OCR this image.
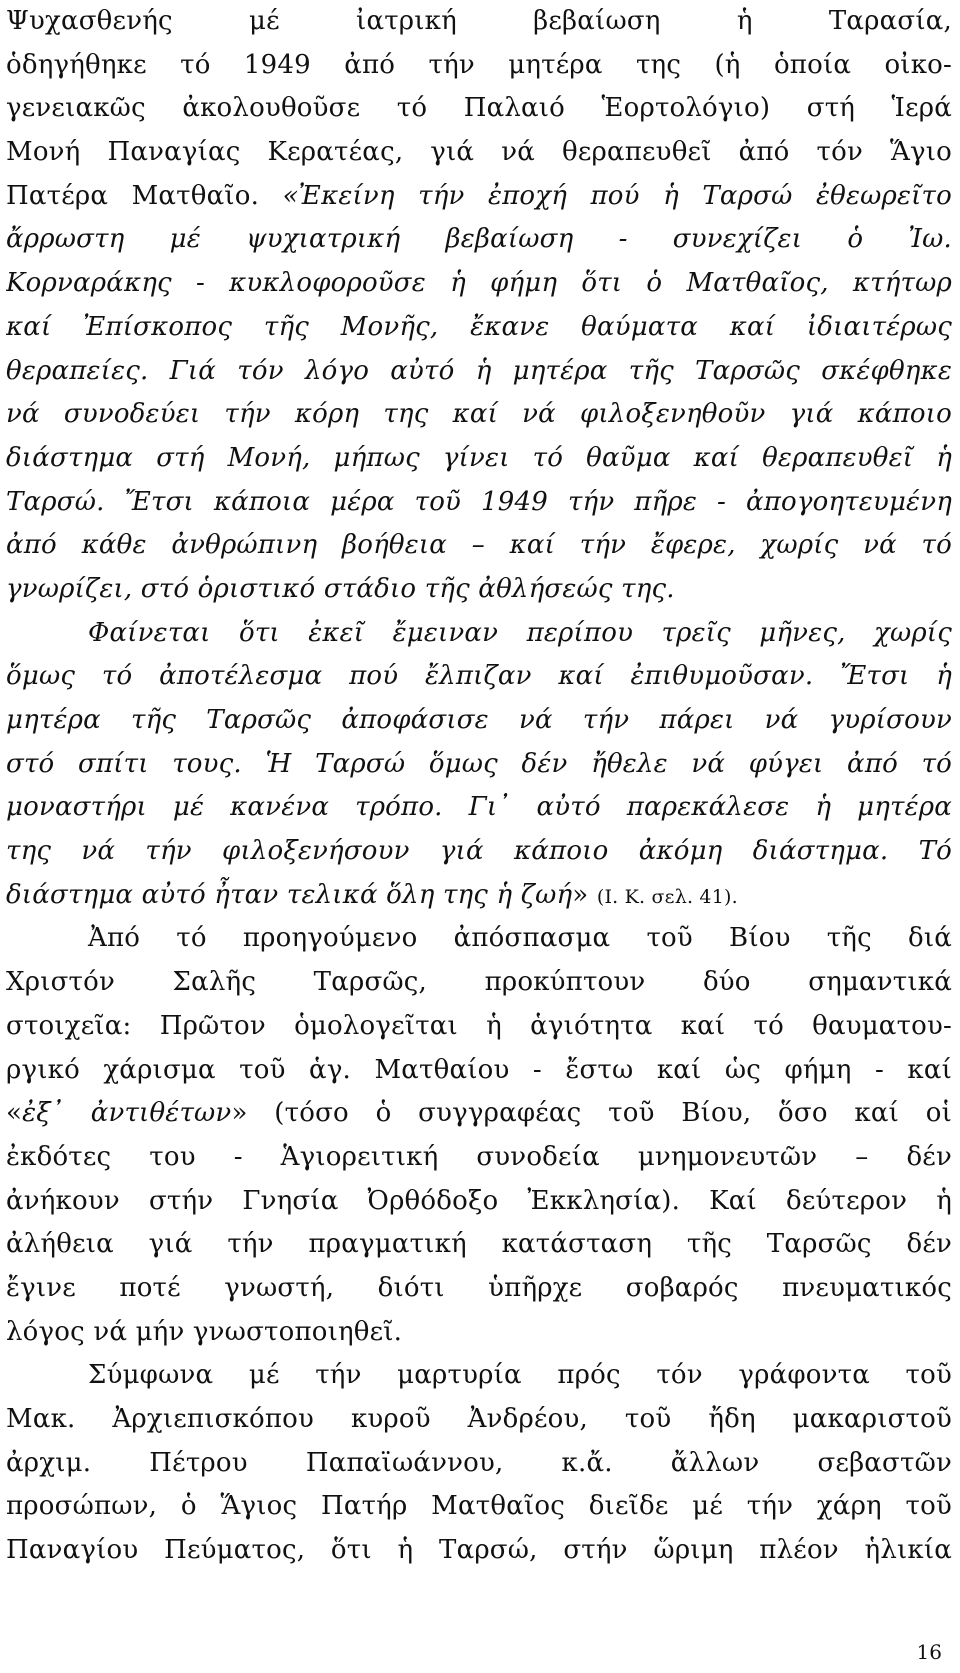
Ψυχασθενής μέ ἰατρική βεβαίωση ἡ Ταρασία,
ὁδηγήθηκε τό 1949 ἀπό τήν μητέρα της (ἡ ὁποία οἰκο-
γενειακῶς ἀκολουθοῦσε τό Παλαιό Ἑορτολόγιο) στή Ἱερά
Μονή Παναγίας Κερατέας, γιά νά θεραπευθεῖ ἀπό τόν Ἅγιο
Πατέρα Ματθαῖο. «Ἐκείνη τήν ἐποχή πού ἡ Ταρσώ ἐθεωρεῖτο
ἄρρωστη μέ ψυχιατρική βεβαίωση - συνεχίζει ὁ Ἰω.
Κορναράκης - κυκλοφοροῦσε ἡ φήμη ὅτι ὁ Ματθαῖος, κτήτωρ
καί Ἐπίσκοπος τῆς Μονῆς, ἔκανε θαύματα καί ἰδιαιτέρως
θεραπείες. Γιά τόν λόγο αὐτό ἡ μητέρα τῆς Ταρσῶς σκέφθηκε
νά συνοδεύει τήν κόρη της καί νά φιλοξενηθοῦν γιά κάποιο
διάστημα στή Μονή, μήπως γίνει τό θαῦμα καί θεραπευθεῖ ἡ
Ταρσώ. Ἔτσι κάποια μέρα τοῦ 1949 τήν πῆρε - ἀπογοητευμένη
ἀπό κάθε ἀνθρώπινη βοήθεια – καί τήν ἔφερε, χωρίς νά τό
γνωρίζει, στό ὁριστικό στάδιο τῆς ἀθλήσεώς της.
Φαίνεται ὅτι ἐκεῖ ἔμειναν περίπου τρεῖς μῆνες, χωρίς
ὅμως τό ἀποτέλεσμα πού ἔλπιζαν καί ἐπιθυμοῦσαν. Ἔτσι ἡ
μητέρα τῆς Ταρσῶς ἀποφάσισε νά τήν πάρει νά γυρίσουν
στό σπίτι τους. Ἡ Ταρσώ ὅμως δέν ἤθελε νά φύγει ἀπό τό
μοναστήρι μέ κανένα τρόπο. Γι᾽ αὐτό παρεκάλεσε ἡ μητέρα
της νά τήν φιλοξενήσουν γιά κάποιο ἀκόμη διάστημα. Τό
διάστημα αὐτό ἦταν τελικά ὅλη της ἡ ζωή» (Ι. Κ. σελ. 41).
Ἀπό τό προηγούμενο ἀπόσπασμα τοῦ Βίου τῆς διά
Χριστόν Σαλῆς Ταρσῶς, προκύπτουν δύο σημαντικά
στοιχεῖα: Πρῶτον ὁμολογεῖται ἡ ἁγιότητα καί τό θαυματου-
ργικό χάρισμα τοῦ ἁγ. Ματθαίου - ἔστω καί ὡς φήμη - καί
«ἐξ᾽ ἀντιθέτων» (τόσο ὁ συγγραφέας τοῦ Βίου, ὅσο καί οἱ
ἐκδότες του - Ἁγιορειτική συνοδεία μνημονευτῶν – δέν
ἀνήκουν στήν Γνησία Ὀρθόδοξο Ἐκκλησία). Καί δεύτερον ἡ
ἀλήθεια γιά τήν πραγματική κατάσταση τῆς Ταρσῶς δέν
ἔγινε ποτέ γνωστή, διότι ὑπῆρχε σοβαρός πνευματικός
λόγος νά μήν γνωστοποιηθεῖ.
Σύμφωνα μέ τήν μαρτυρία πρός τόν γράφοντα τοῦ
Μακ. Ἀρχιεπισκόπου κυροῦ Ἀνδρέου, τοῦ ἤδη μακαριστοῦ
ἀρχιμ. Πέτρου Παπαϊωάννου, κ.ἄ. ἄλλων σεβαστῶν
προσώπων, ὁ Ἅγιος Πατήρ Ματθαῖος διεῖδε μέ τήν χάρη τοῦ
Παναγίου Πεύματος, ὅτι ἡ Ταρσώ, στήν ὥριμη πλέον ἡλικία
16
